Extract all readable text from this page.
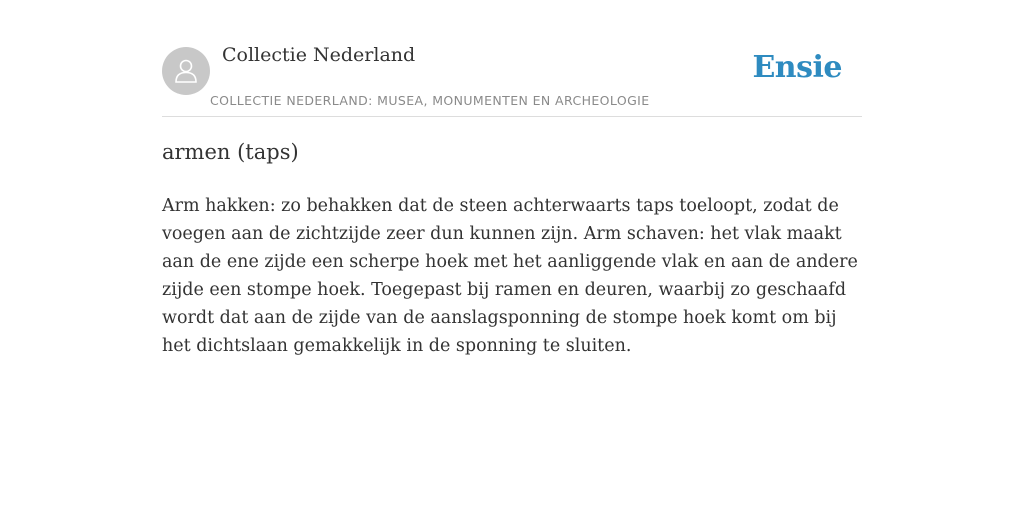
Collectie Nederland
COLLECTIE NEDERLAND: MUSEA, MONUMENTEN EN ARCHEOLOGIE
Ensie
armen (taps)

Arm hakken: zo behakken dat de steen achterwaarts taps toeloopt, zodat de voegen aan de zichtzijde zeer dun kunnen zijn. Arm schaven: het vlak maakt aan de ene zijde een scherpe hoek met het aanliggende vlak en aan de andere zijde een stompe hoek. Toegepast bij ramen en deuren, waarbij zo geschaafd wordt dat aan de zijde van de aanslagsponning de stompe hoek komt om bij het dichtslaan gemakkelijk in de sponning te sluiten.
